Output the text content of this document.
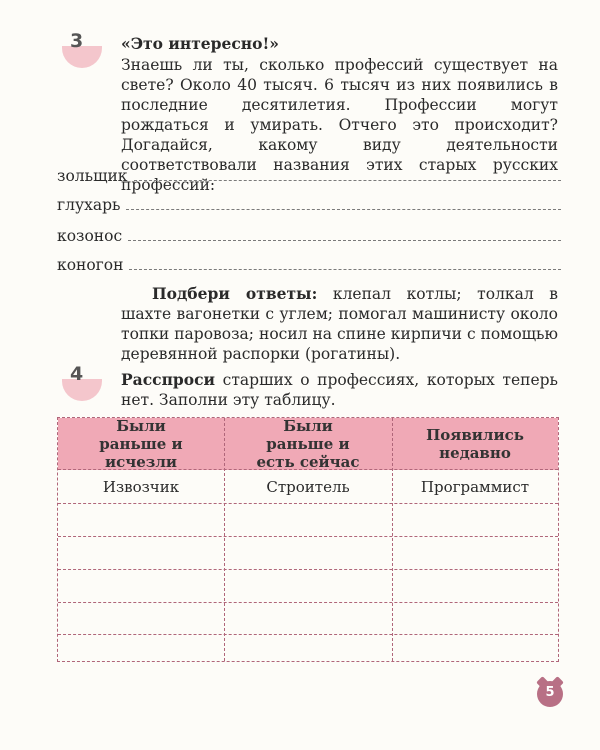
3 «Это интересно!»

Знаешь ли ты, сколько профессий существует на свете? Около 40 тысяч. 6 тысяч из них появились в последние десятилетия. Профессии могут рождаться и умирать. Отчего это происходит? Догадайся, какому виду деятельности соответствовали названия этих старых русских профессий:

зольщик
глухарь
козонос
коногон

  Подбери ответы: клепал котлы; толкал в шахте вагонетки с углем; помогал машинисту около топки паровоза; носил на спине кирпичи с помощью деревянной распорки (рогатины).

4 Расспроси старших о профессиях, которых теперь нет. Заполни эту таблицу.

Были раньше и исчезли
Были раньше и есть сейчас
Появились недавно
Извозчик	Строитель	Программист
5
